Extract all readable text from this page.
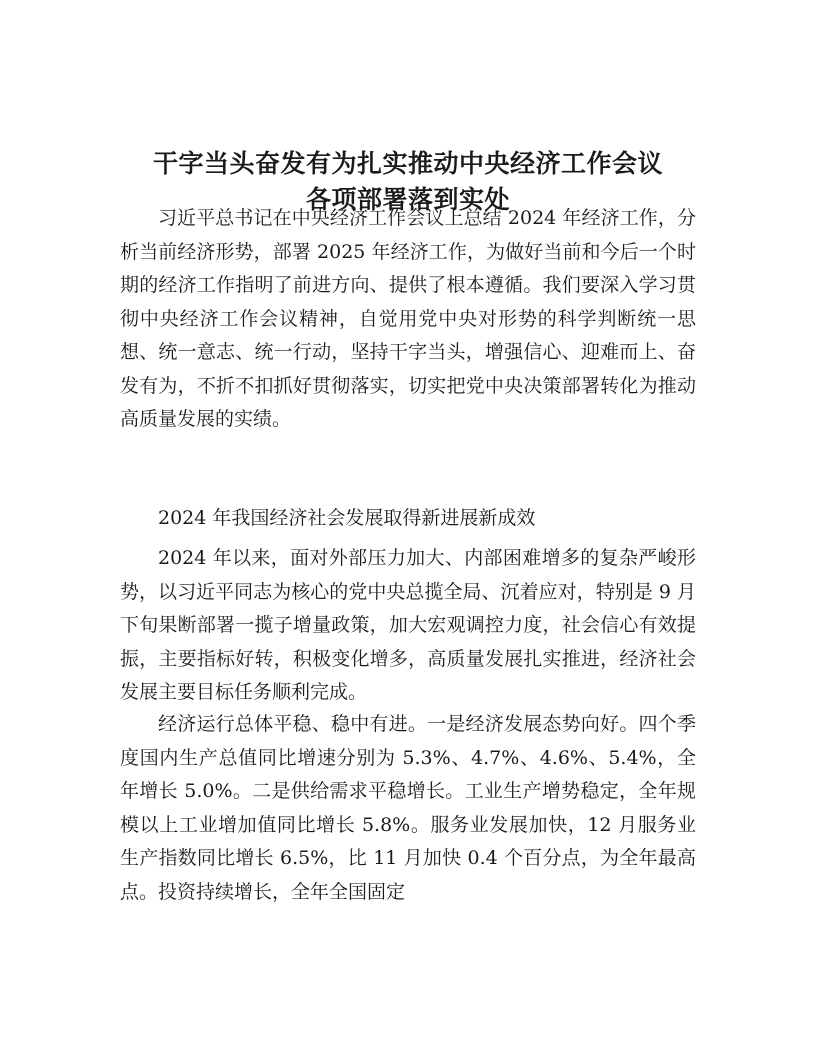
干字当头奋发有为扎实推动中央经济工作会议
各项部署落到实处

习近平总书记在中央经济工作会议上总结 2024 年经济工作，分析当前经济形势，部署 2025 年经济工作，为做好当前和今后一个时期的经济工作指明了前进方向、提供了根本遵循。我们要深入学习贯彻中央经济工作会议精神，自觉用党中央对形势的科学判断统一思想、统一意志、统一行动，坚持干字当头，增强信心、迎难而上、奋发有为，不折不扣抓好贯彻落实，切实把党中央决策部署转化为推动高质量发展的实绩。

2024 年我国经济社会发展取得新进展新成效

2024 年以来，面对外部压力加大、内部困难增多的复杂严峻形势，以习近平同志为核心的党中央总揽全局、沉着应对，特别是 9 月下旬果断部署一揽子增量政策，加大宏观调控力度，社会信心有效提振，主要指标好转，积极变化增多，高质量发展扎实推进，经济社会发展主要目标任务顺利完成。

经济运行总体平稳、稳中有进。一是经济发展态势向好。四个季度国内生产总值同比增速分别为 5.3%、4.7%、4.6%、5.4%，全年增长 5.0%。二是供给需求平稳增长。工业生产增势稳定，全年规模以上工业增加值同比增长 5.8%。服务业发展加快，12 月服务业生产指数同比增长 6.5%，比 11 月加快 0.4 个百分点，为全年最高点。投资持续增长，全年全国固定
